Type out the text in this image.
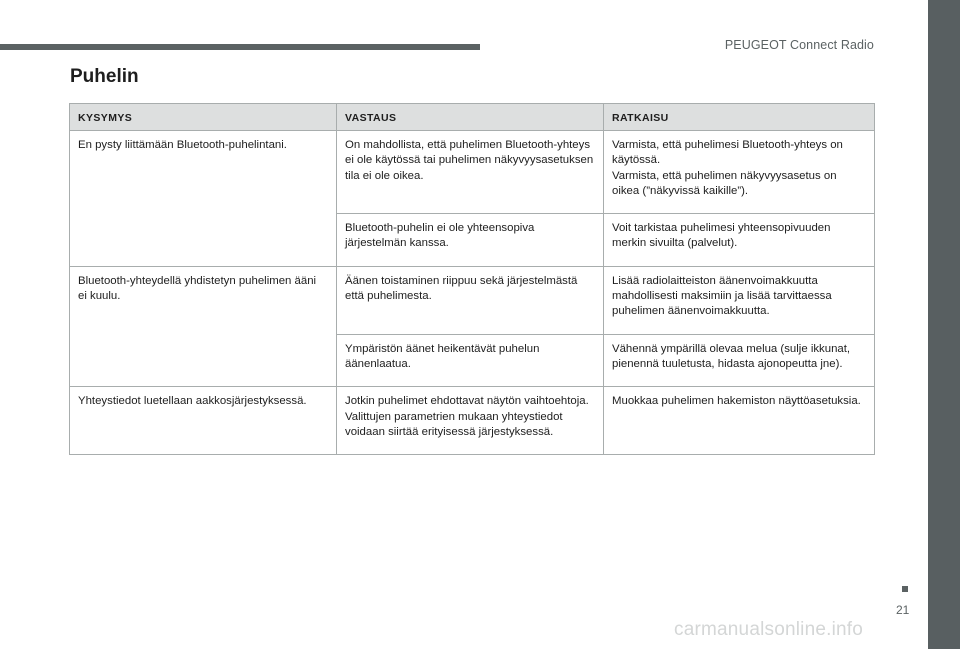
PEUGEOT Connect Radio
Puhelin
KYSYMYS	VASTAUS	RATKAISU
En pysty liittämään Bluetooth-puhelintani.	On mahdollista, että puhelimen Bluetooth-yhteys ei ole käytössä tai puhelimen näkyvyysasetuksen tila ei ole oikea.	Varmista, että puhelimesi Bluetooth-yhteys on käytössä.
Varmista, että puhelimen näkyvyysasetus on oikea (”näkyvissä kaikille”).

	Bluetooth-puhelin ei ole yhteensopiva järjestelmän kanssa.	Voit tarkistaa puhelimesi yhteensopivuuden merkin sivuilta (palvelut).

Bluetooth-yhteydellä yhdistetyn puhelimen ääni ei kuulu.	Äänen toistaminen riippuu sekä järjestelmästä että puhelimesta.	Lisää radiolaitteiston äänenvoimakkuutta mahdollisesti maksimiin ja lisää tarvittaessa puhelimen äänenvoimakkuutta.

	Ympäristön äänet heikentävät puhelun äänenlaatua.	Vähennä ympärillä olevaa melua (sulje ikkunat, pienennä tuuletusta, hidasta ajonopeutta jne).

Yhteystiedot luetellaan aakkosjärjestyksessä.	Jotkin puhelimet ehdottavat näytön vaihtoehtoja. Valittujen parametrien mukaan yhteystiedot voidaan siirtää erityisessä järjestyksessä.	Muokkaa puhelimen hakemiston näyttöasetuksia.
21
carmanualsonline.info
